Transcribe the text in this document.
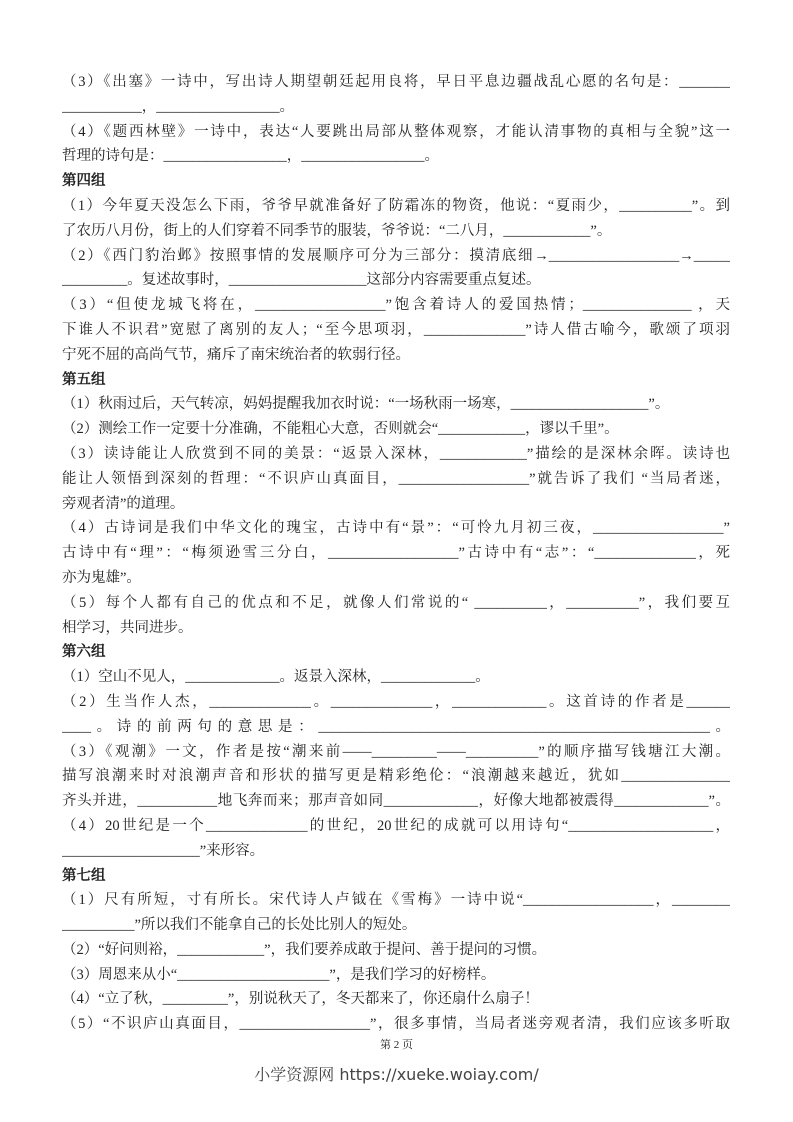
（3）《出塞》一诗中，写出诗人期望朝廷起用良将，早日平息边疆战乱心愿的名句是：_______
___________，_________________。
（4）《题西林壁》一诗中，表达“人要跳出局部从整体观察，才能认清事物的真相与全貌”这一
哲理的诗句是：_________________，_________________。
第四组
（1）今年夏天没怎么下雨，爷爷早就准备好了防霜冻的物资，他说：“夏雨少，__________”。到
了农历八月份，街上的人们穿着不同季节的服装，爷爷说：“二八月，____________”。
（2）《西门豹治邺》按照事情的发展顺序可分为三部分：摸清底细→__________________→_____
_________。复述故事时，___________________这部分内容需要重点复述。
（3）“但使龙城飞将在，__________________”饱含着诗人的爱国热情；_______________ ，天
下谁人不识君”宽慰了离别的友人；“至今思项羽，______________”诗人借古喻今，歌颂了项羽
宁死不屈的高尚气节，痛斥了南宋统治者的软弱行径。
第五组
（1）秋雨过后，天气转凉，妈妈提醒我加衣时说：“一场秋雨一场寒，___________________”。
（2）测绘工作一定要十分准确，不能粗心大意，否则就会“____________，谬以千里”。
（3）读诗能让人欣赏到不同的美景：“返景入深林，____________”描绘的是深林余晖。读诗也
能让人领悟到深刻的哲理：“不识庐山真面目，__________________”就告诉了我们 “当局者迷，
旁观者清”的道理。
（4）古诗词是我们中华文化的瑰宝，古诗中有“景”：“可怜九月初三夜，__________________”
古诗中有“理”：“梅须逊雪三分白，__________________”古诗中有“志”：“______________，死
亦为鬼雄”。
（5）每个人都有自己的优点和不足，就像人们常说的“ __________，__________”，我们要互
相学习，共同进步。
第六组
（1）空山不见人，_____________。返景入深林，_____________。
（2）生当作人杰，______________。______________，_____________。这首诗的作者是______
____。诗的前两句的意思是：______________________________________________________。
（3）《观潮》一文，作者是按“潮来前——_________——__________”的顺序描写钱塘江大潮。
描写浪潮来时对浪潮声音和形状的描写更是精彩绝伦：“浪潮越来越近，犹如_______________
齐头并进，___________地飞奔而来；那声音如同_____________，好像大地都被震得_____________”。
（4）20世纪是一个______________的世纪，20世纪的成就可以用诗句“____________________，
___________________”来形容。
第七组
（1）尺有所短，寸有所长。宋代诗人卢钺在《雪梅》一诗中说“__________________，________
__________”所以我们不能拿自己的长处比别人的短处。
（2）“好问则裕，____________”，我们要养成敢于提问、善于提问的习惯。
（3）周恩来从小“_____________________”，是我们学习的好榜样。
（4）“立了秋，_________”，别说秋天了，冬天都来了，你还扇什么扇子！
（5）“不识庐山真面目，__________________”，很多事情，当局者迷旁观者清，我们应该多听取
第 2 页
小学资源网 https://xueke.woiay.com/
